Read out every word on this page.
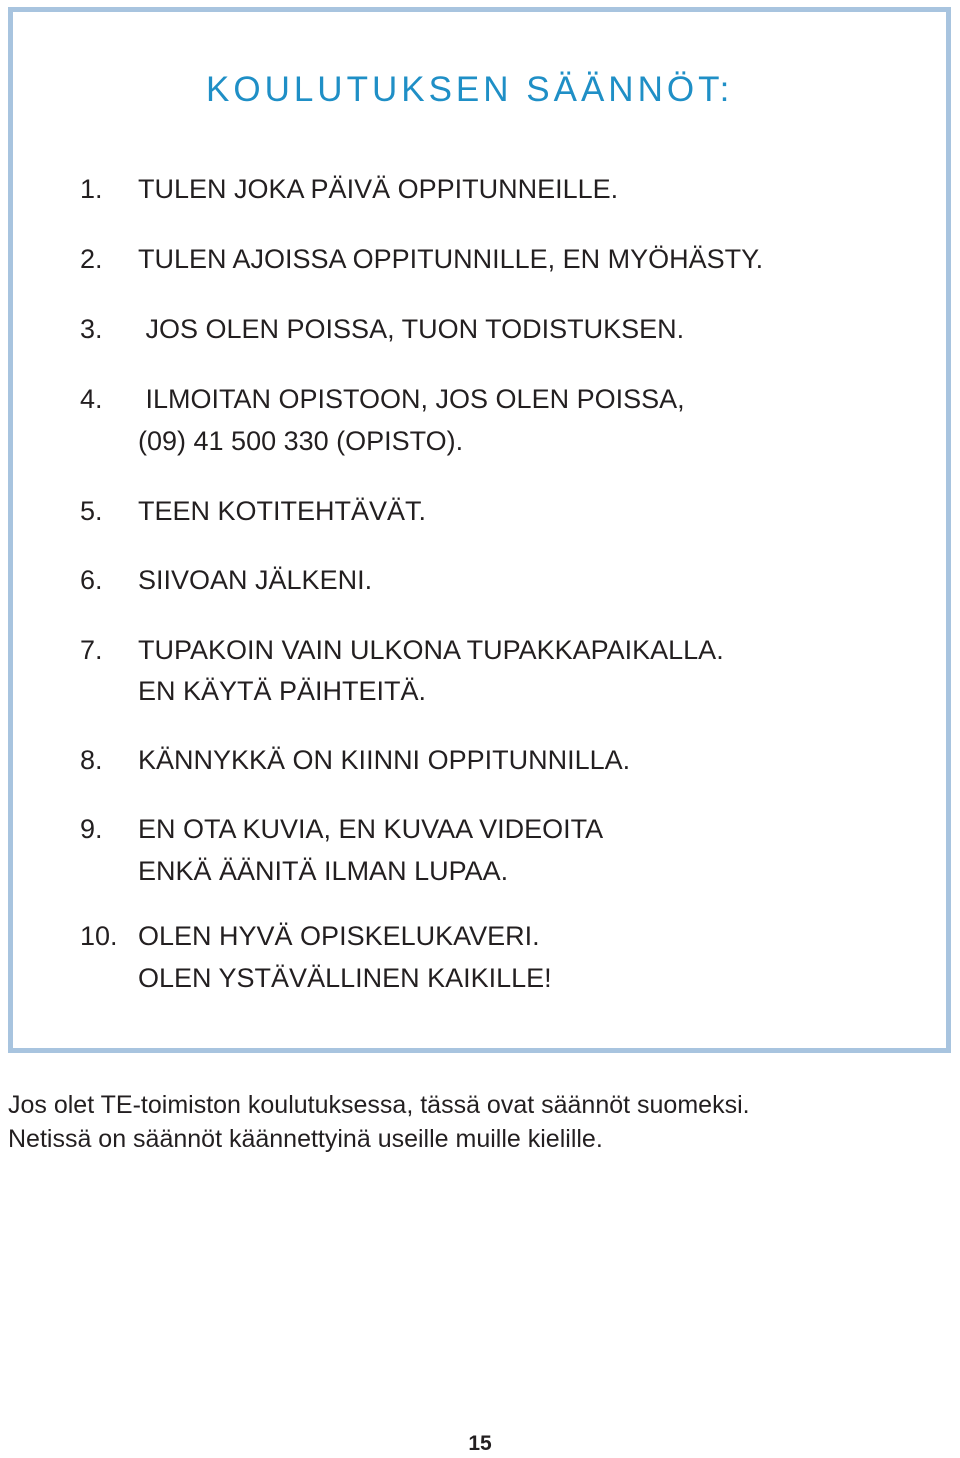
KOULUTUKSEN SÄÄNNÖT:
1. TULEN JOKA PÄIVÄ OPPITUNNEILLE.
2. TULEN AJOISSA OPPITUNNILLE, EN MYÖHÄSTY.
3. JOS OLEN POISSA, TUON TODISTUKSEN.
4. ILMOITAN OPISTOON, JOS OLEN POISSA,
(09) 41 500 330 (OPISTO).
5. TEEN KOTITEHTÄVÄT.
6. SIIVOAN JÄLKENI.
7. TUPAKOIN VAIN ULKONA TUPAKKAPAIKALLA.
EN KÄYTÄ PÄIHTEITÄ.
8. KÄNNYKKÄ ON KIINNI OPPITUNNILLA.
9. EN OTA KUVIA, EN KUVAA VIDEOITA
ENKÄ ÄÄNITÄ ILMAN LUPAA.
10. OLEN HYVÄ OPISKELUKAVERI.
OLEN YSTÄVÄLLINEN KAIKILLE!
Jos olet TE-toimiston koulutuksessa, tässä ovat säännöt suomeksi.
Netissä on säännöt käännettyinä useille muille kielille.
15
